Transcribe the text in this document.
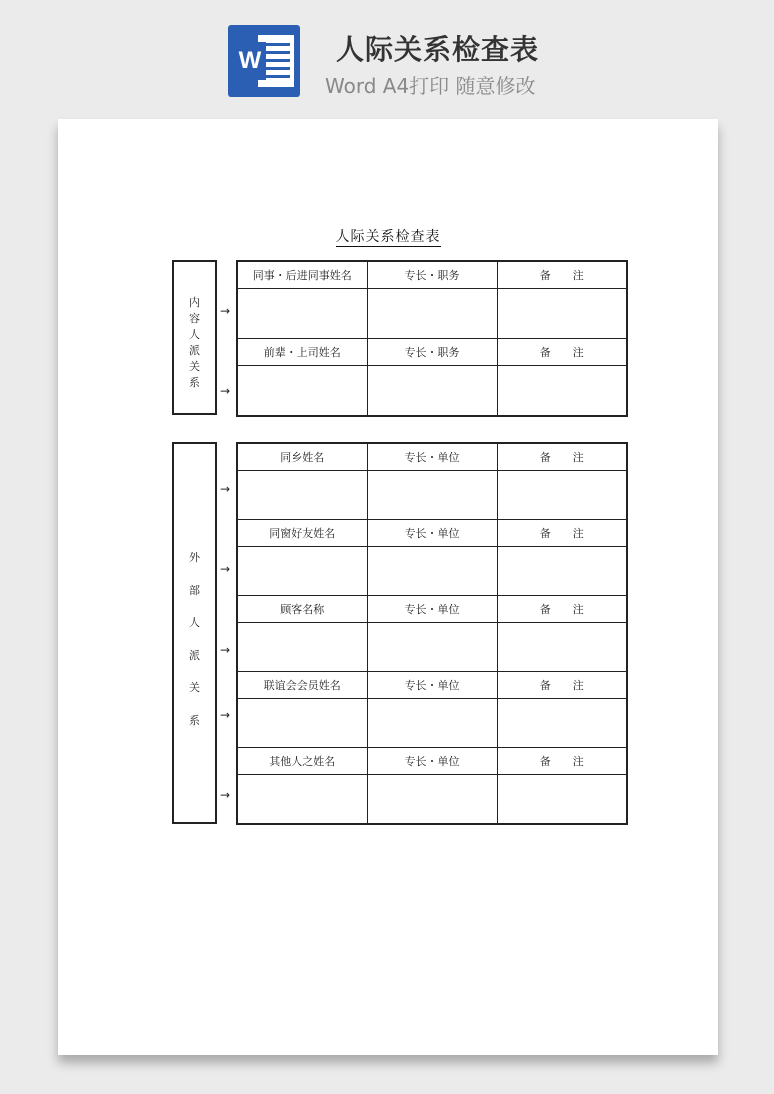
W	人际关系检查表
Word A4打印 随意修改
人际关系检查表
内
容
人
派
关
系
→
→
同事・后进同事姓名	专长・职务	备　　注

前辈・上司姓名	专长・职务	备　　注

外
部
人
派
关
系
→
→
→
→
→
同乡姓名	专长・单位	备　　注

同窗好友姓名	专长・单位	备　　注

顾客名称	专长・单位	备　　注

联谊会会员姓名	专长・单位	备　　注

其他人之姓名	专长・单位	备　　注
